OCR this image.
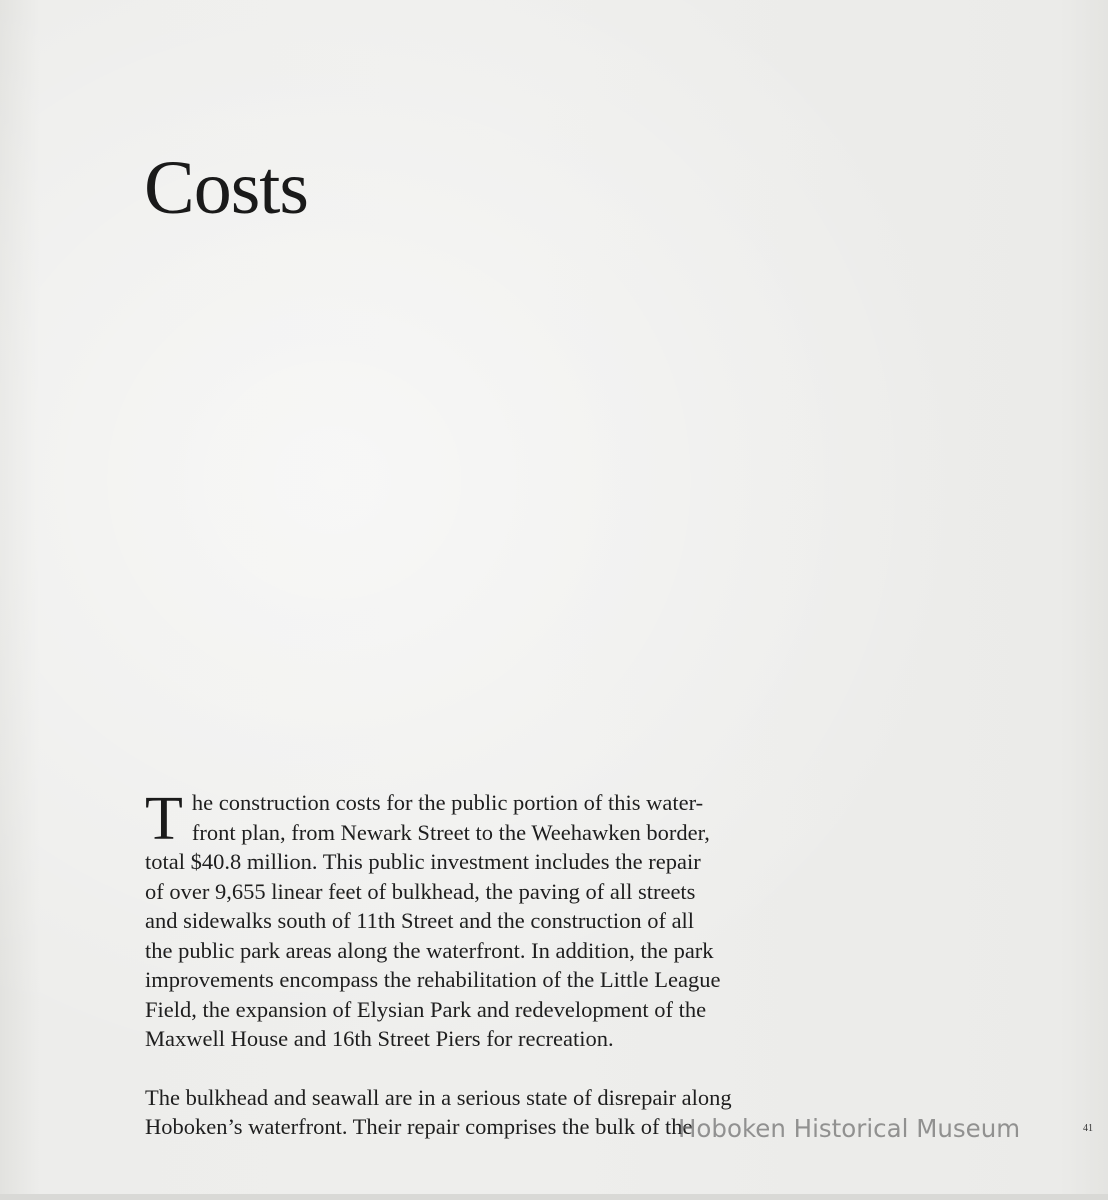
Costs

T he construction costs for the public portion of this water-
front plan, from Newark Street to the Weehawken border,
total $40.8 million. This public investment includes the repair
of over 9,655 linear feet of bulkhead, the paving of all streets
and sidewalks south of 11th Street and the construction of all
the public park areas along the waterfront. In addition, the park
improvements encompass the rehabilitation of the Little League
Field, the expansion of Elysian Park and redevelopment of the
Maxwell House and 16th Street Piers for recreation.

The bulkhead and seawall are in a serious state of disrepair along
Hoboken’s waterfront. Their repair comprises the bulk of the

Hoboken Historical Museum	41
